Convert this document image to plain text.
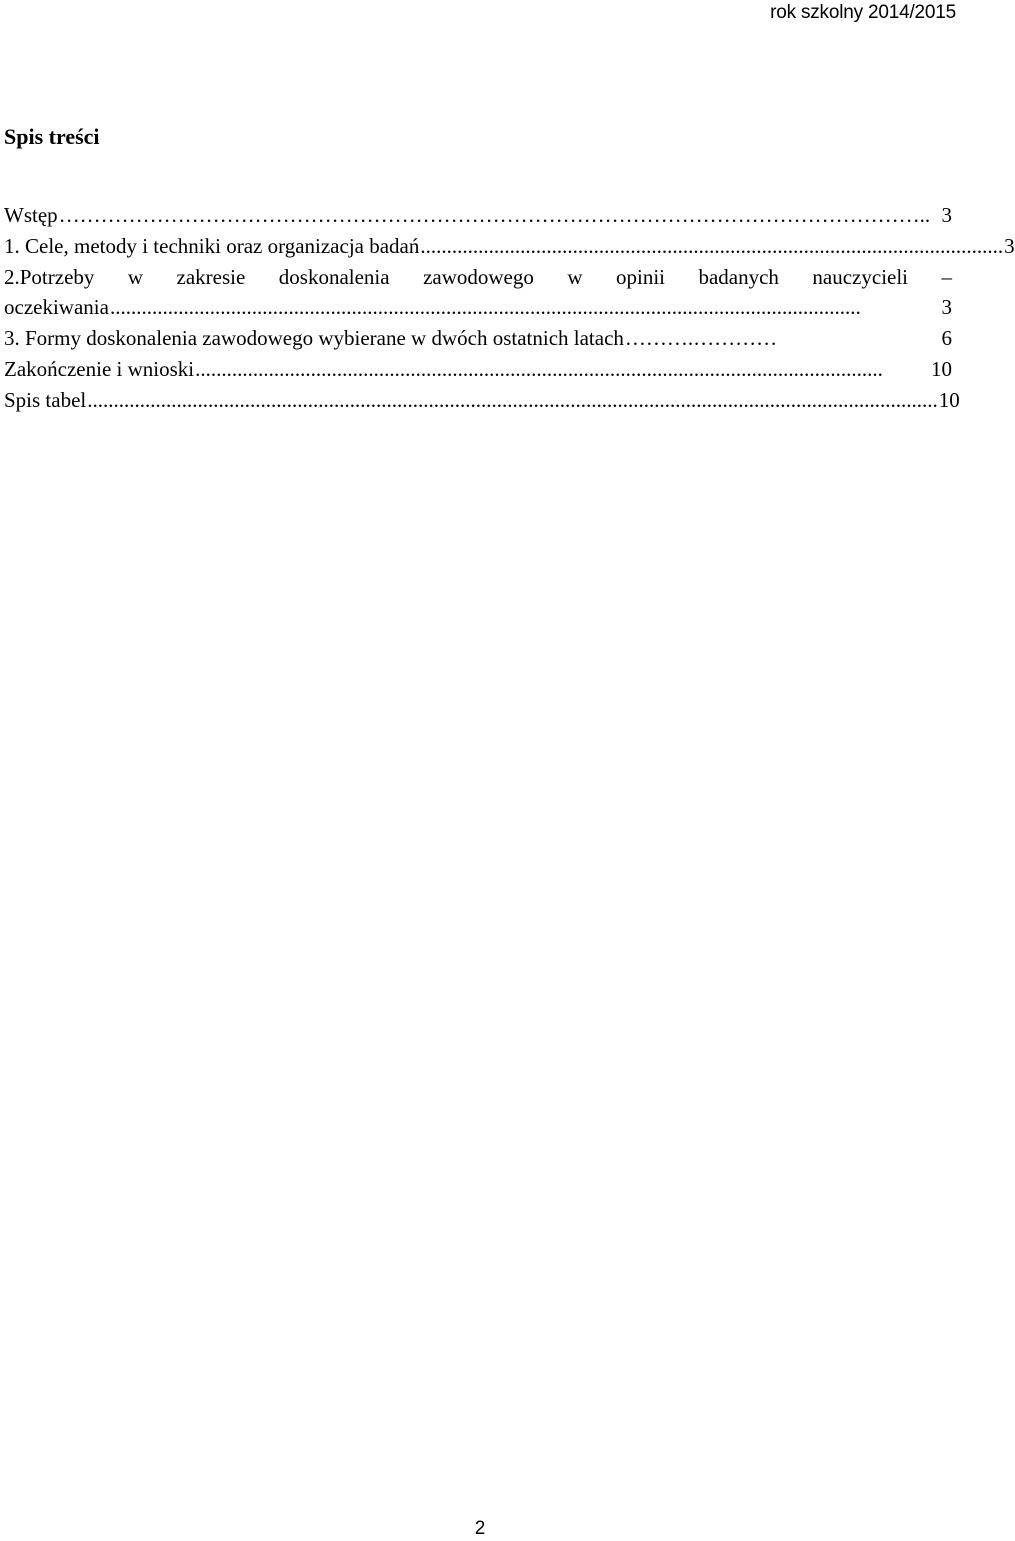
rok szkolny 2014/2015
Spis treści
Wstęp …………………………………………………………………………………………………………….. 3
1. Cele, metody i techniki oraz organizacja badań ............................................................................................................... 3
2.Potrzeby w zakresie doskonalenia zawodowego w opinii badanych nauczycieli –
oczekiwania ...............................................................................................................................................	3
3. Formy doskonalenia zawodowego wybierane w dwóch ostatnich latach ……….…………	6
Zakończenie i wnioski ...................................................................................................................................	10
Spis tabel .................................................................................................................................................................. 10
2
